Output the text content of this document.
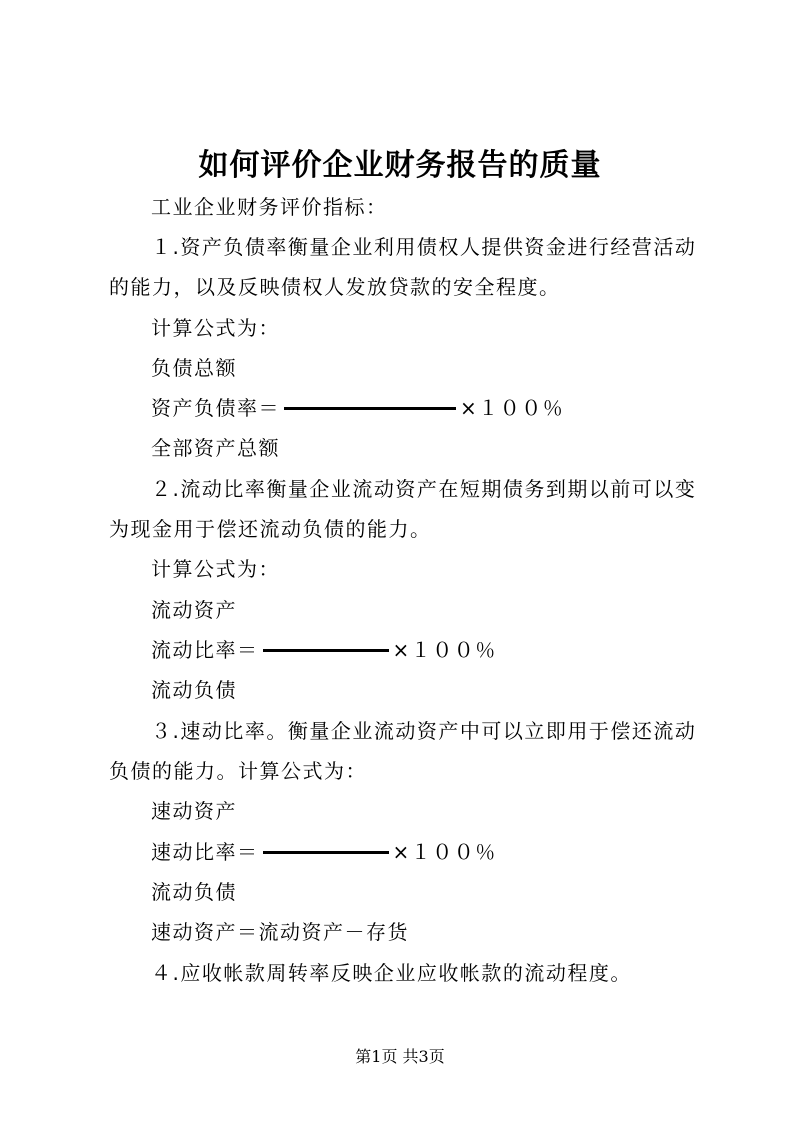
如何评价企业财务报告的质量
工业企业财务评价指标：
１.资产负债率衡量企业利用债权人提供资金进行经营活动
的能力，以及反映债权人发放贷款的安全程度。
计算公式为：
负债总额
资产负债率＝	×１００％
全部资产总额
２.流动比率衡量企业流动资产在短期债务到期以前可以变
为现金用于偿还流动负债的能力。
计算公式为：
流动资产
流动比率＝	×１００％
流动负债
３.速动比率。衡量企业流动资产中可以立即用于偿还流动
负债的能力。计算公式为：
速动资产
速动比率＝	×１００％
流动负债
速动资产＝流动资产－存货
４.应收帐款周转率反映企业应收帐款的流动程度。
第1页 共3页
